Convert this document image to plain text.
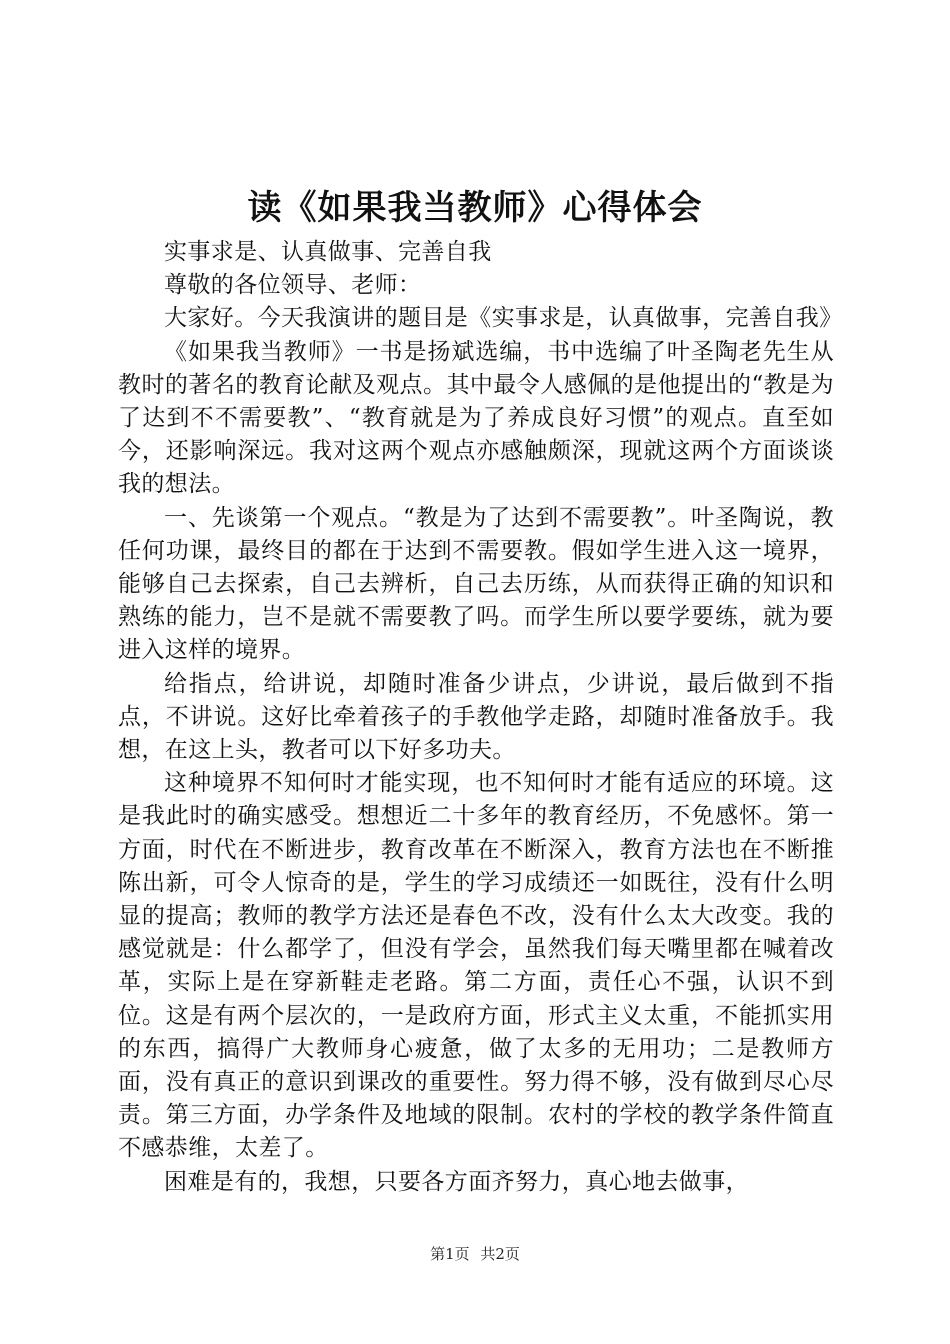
读《如果我当教师》心得体会

实事求是、认真做事、完善自我

尊敬的各位领导、老师：

大家好。今天我演讲的题目是《实事求是，认真做事，完善自我》

《如果我当教师》一书是扬斌选编，书中选编了叶圣陶老先生从教时的著名的教育论献及观点。其中最令人感佩的是他提出的“教是为了达到不不需要教”、“教育就是为了养成良好习惯”的观点。直至如今，还影响深远。我对这两个观点亦感触颇深，现就这两个方面谈谈我的想法。

一、先谈第一个观点。“教是为了达到不需要教”。叶圣陶说，教任何功课，最终目的都在于达到不需要教。假如学生进入这一境界，能够自己去探索，自己去辨析，自己去历练，从而获得正确的知识和熟练的能力，岂不是就不需要教了吗。而学生所以要学要练，就为要进入这样的境界。

给指点，给讲说，却随时准备少讲点，少讲说，最后做到不指点，不讲说。这好比牵着孩子的手教他学走路，却随时准备放手。我想，在这上头，教者可以下好多功夫。

这种境界不知何时才能实现，也不知何时才能有适应的环境。这是我此时的确实感受。想想近二十多年的教育经历，不免感怀。第一方面，时代在不断进步，教育改革在不断深入，教育方法也在不断推陈出新，可令人惊奇的是，学生的学习成绩还一如既往，没有什么明显的提高；教师的教学方法还是春色不改，没有什么太大改变。我的感觉就是：什么都学了，但没有学会，虽然我们每天嘴里都在喊着改革，实际上是在穿新鞋走老路。第二方面，责任心不强，认识不到位。这是有两个层次的，一是政府方面，形式主义太重，不能抓实用的东西，搞得广大教师身心疲惫，做了太多的无用功；二是教师方面，没有真正的意识到课改的重要性。努力得不够，没有做到尽心尽责。第三方面，办学条件及地域的限制。农村的学校的教学条件简直不感恭维，太差了。

困难是有的，我想，只要各方面齐努力，真心地去做事，

第1页 共2页
